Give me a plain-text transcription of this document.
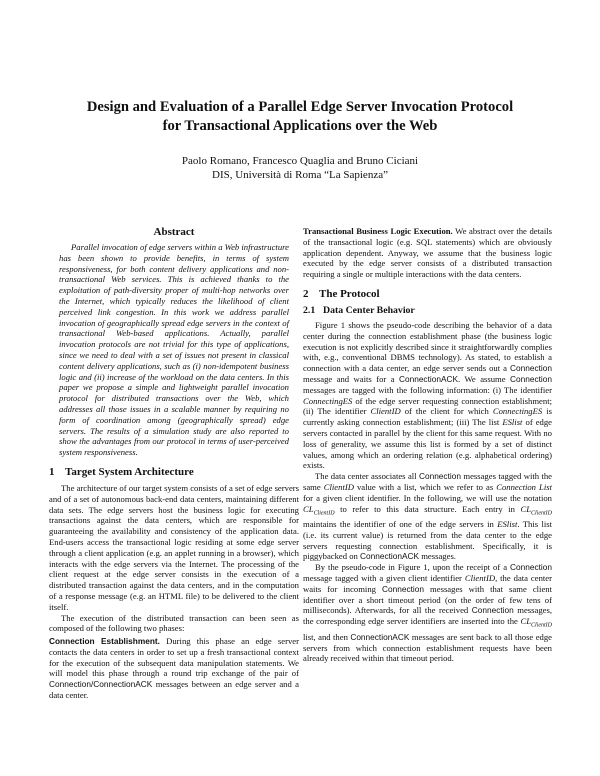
Design and Evaluation of a Parallel Edge Server Invocation Protocol
for Transactional Applications over the Web
Paolo Romano, Francesco Quaglia and Bruno Ciciani
DIS, Università di Roma “La Sapienza”
Abstract

Parallel invocation of edge servers within a Web infrastructure has been shown to provide benefits, in terms of system responsiveness, for both content delivery applications and non-transactional Web services. This is achieved thanks to the exploitation of path-diversity proper of multi-hop networks over the Internet, which typically reduces the likelihood of client perceived link congestion. In this work we address parallel invocation of geographically spread edge servers in the context of transactional Web-based applications. Actually, parallel invocation protocols are not trivial for this type of applications, since we need to deal with a set of issues not present in classical content delivery applications, such as (i) non-idempotent business logic and (ii) increase of the workload on the data centers. In this paper we propose a simple and lightweight parallel invocation protocol for distributed transactions over the Web, which addresses all those issues in a scalable manner by requiring no form of coordination among (geographically spread) edge servers. The results of a simulation study are also reported to show the advantages from our protocol in terms of user-perceived system responsiveness.

1 Target System Architecture

The architecture of our target system consists of a set of edge servers and of a set of autonomous back-end data centers, maintaining different data sets. The edge servers host the business logic for executing transactions against the data centers, which are responsible for guaranteeing the availability and consistency of the application data. End-users access the transactional logic residing at some edge server through a client application (e.g. an applet running in a browser), which interacts with the edge servers via the Internet. The processing of the client request at the edge server consists in the execution of a distributed transaction against the data centers, and in the computation of a response message (e.g. an HTML file) to be delivered to the client itself.

The execution of the distributed transaction can been seen as composed of the following two phases:

Connection Establishment. During this phase an edge server contacts the data centers in order to set up a fresh transactional context for the execution of the subsequent data manipulation statements. We will model this phase through a round trip exchange of the pair of Connection/ConnectionACK messages between an edge server and a data center.

Transactional Business Logic Execution. We abstract over the details of the transactional logic (e.g. SQL statements) which are obviously application dependent. Anyway, we assume that the business logic executed by the edge server consists of a distributed transaction requiring a single or multiple interactions with the data centers.

2 The Protocol
2.1 Data Center Behavior

Figure 1 shows the pseudo-code describing the behavior of a data center during the connection establishment phase (the business logic execution is not explicitly described since it straightforwardly complies with, e.g., conventional DBMS technology). As stated, to establish a connection with a data center, an edge server sends out a Connection message and waits for a ConnectionACK. We assume Connection messages are tagged with the following information: (i) The identifier ConnectingES of the edge server requesting connection establishment; (ii) The identifier ClientID of the client for which ConnectingES is currently asking connection establishment; (iii) The list ESlist of edge servers contacted in parallel by the client for this same request. With no loss of generality, we assume this list is formed by a set of distinct values, among which an ordering relation (e.g. alphabetical ordering) exists.

The data center associates all Connection messages tagged with the same ClientID value with a list, which we refer to as Connection List for a given client identifier. In the following, we will use the notation $CL_{ClientID}$ to refer to this data structure. Each entry in $CL_{ClientID}$ maintains the identifier of one of the edge servers in ESlist. This list (i.e. its current value) is returned from the data center to the edge servers requesting connection establishment. Specifically, it is piggybacked on ConnectionACK messages.

By the pseudo-code in Figure 1, upon the receipt of a Connection message tagged with a given client identifier ClientID, the data center waits for incoming Connection messages with that same client identifier over a short timeout period (on the order of few tens of milliseconds). Afterwards, for all the received Connection messages, the corresponding edge server identifiers are inserted into the $CL_{ClientID}$ list, and then ConnectionACK messages are sent back to all those edge servers from which connection establishment requests have been already received within that timeout period.
